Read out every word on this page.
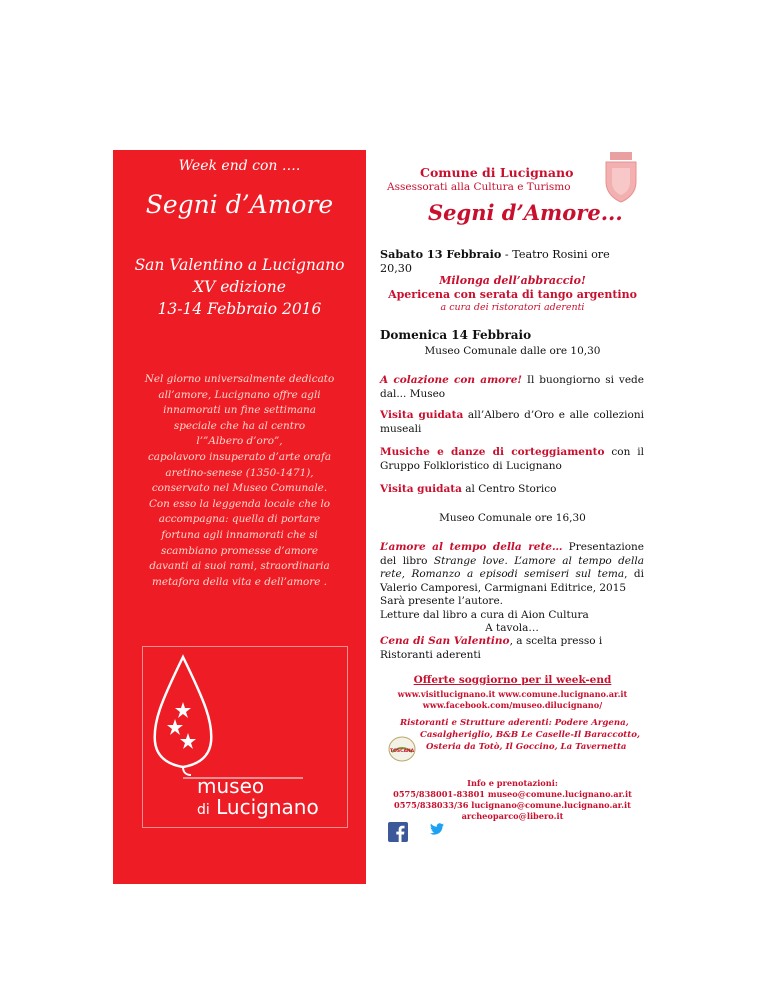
Week end con ….
Segni d’Amore
San Valentino a Lucignano
XV edizione
13-14 Febbraio 2016
Nel giorno universalmente dedicato
all’amore, Lucignano offre agli
innamorati un fine settimana
speciale che ha al centro
l’”Albero d’oro”,
capolavoro insuperato d’arte orafa
aretino-senese (1350-1471),
conservato nel Museo Comunale.
Con esso la leggenda locale che lo
accompagna: quella di portare
fortuna agli innamorati che si
scambiano promesse d’amore
davanti ai suoi rami, straordinaria
metafora della vita e dell’amore .
museo
di Lucignano
Comune di Lucignano
Assessorati alla Cultura e Turismo
Segni d’Amore...
Sabato 13 Febbraio - Teatro Rosini ore 20,30
Milonga dell’abbraccio!
Apericena con serata di tango argentino
a cura dei ristoratori aderenti
Domenica 14 Febbraio
Museo Comunale dalle ore 10,30
A colazione con amore! Il buongiorno si vede dal... Museo
Visita guidata all’Albero d’Oro e alle collezioni museali
Musiche e danze di corteggiamento con il Gruppo Folkloristico di Lucignano
Visita guidata al Centro Storico
Museo Comunale ore 16,30
L’amore al tempo della rete… Presentazione del libro Strange love. L’amore al tempo della rete, Romanzo a episodi semiseri sul tema, di Valerio Camporesi, Carmignani Editrice, 2015
Sarà presente l’autore.
Letture dal libro a cura di Aion Cultura
A tavola…
Cena di San Valentino, a scelta presso i Ristoranti aderenti
Offerte soggiorno per il week-end
www.visitlucignano.it www.comune.lucignano.ar.it
www.facebook.com/museo.dilucignano/
Ristoranti e Strutture aderenti: Podere Argena,
Casalgheriglio, B&B Le Caselle-Il Baraccotto,
Osteria da Totò, Il Goccino, La Tavernetta
TOSCANA
Info e prenotazioni:
0575/838001-83801 museo@comune.lucignano.ar.it
0575/838033/36 lucignano@comune.lucignano.ar.it
archeoparco@libero.it
